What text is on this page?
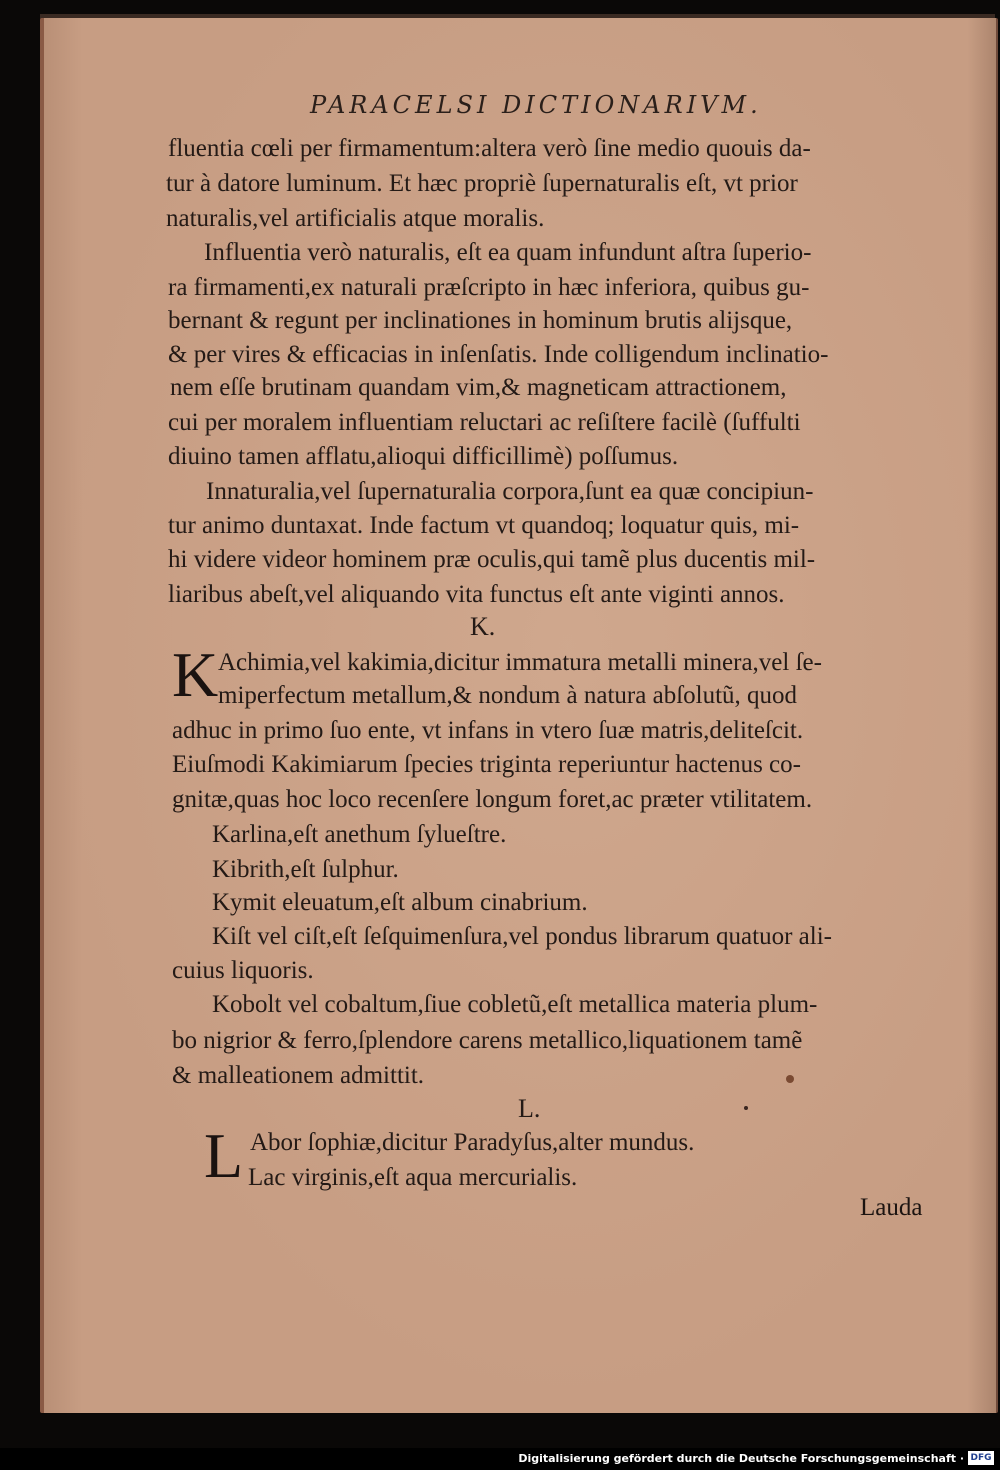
PARACELSI DICTIONARIVM.
fluentia cœli per firmamentum:altera verò ſine medio quouis da-
tur à datore luminum. Et hæc propriè ſupernaturalis eſt, vt prior
naturalis,vel artificialis atque moralis.
Influentia verò naturalis, eſt ea quam infundunt aſtra ſuperio-
ra firmamenti,ex naturali præſcripto in hæc inferiora, quibus gu-
bernant & regunt per inclinationes in hominum brutis alijsque,
& per vires & efficacias in inſenſatis. Inde colligendum inclinatio-
nem eſſe brutinam quandam vim,& magneticam attractionem,
cui per moralem influentiam reluctari ac reſiſtere facilè (ſuffulti
diuino tamen afflatu,alioqui difficillimè) poſſumus.
Innaturalia,vel ſupernaturalia corpora,ſunt ea quæ concipiun-
tur animo duntaxat. Inde factum vt quandoq; loquatur quis, mi-
hi videre videor hominem præ oculis,qui tamẽ plus ducentis mil-
liaribus abeſt,vel aliquando vita functus eſt ante viginti annos.
K.
K Achimia,vel kakimia,dicitur immatura metalli minera,vel ſe-
miperfectum metallum,& nondum à natura abſolutũ, quod
adhuc in primo ſuo ente, vt infans in vtero ſuæ matris,deliteſcit.
Eiuſmodi Kakimiarum ſpecies triginta reperiuntur hactenus co-
gnitæ,quas hoc loco recenſere longum foret,ac præter vtilitatem.
Karlina,eſt anethum ſylueſtre.
Kibrith,eſt ſulphur.
Kymit eleuatum,eſt album cinabrium.
Kiſt vel ciſt,eſt ſeſquimenſura,vel pondus librarum quatuor ali-
cuius liquoris.
Kobolt vel cobaltum,ſiue cobletũ,eſt metallica materia plum-
bo nigrior & ferro,ſplendore carens metallico,liquationem tamẽ
& malleationem admittit.
L.
L Abor ſophiæ,dicitur Paradyſus,alter mundus.
Lac virginis,eſt aqua mercurialis.
Lauda
Digitalisierung gefördert durch die Deutsche Forschungsgemeinschaft · DFG
